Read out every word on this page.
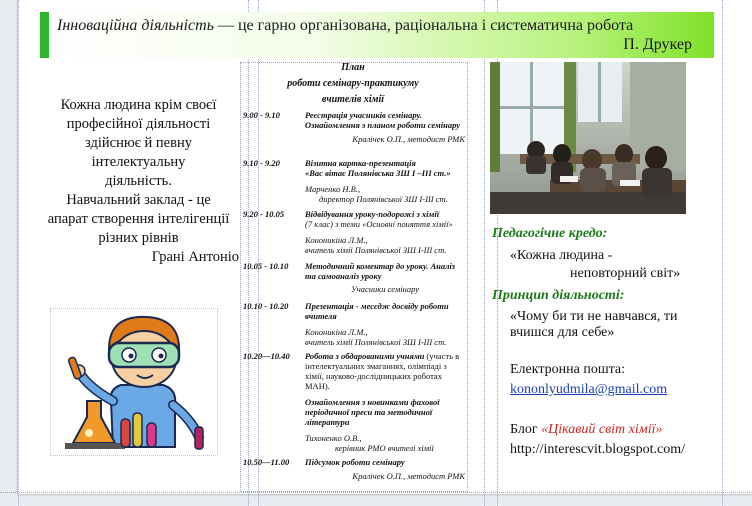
Інноваційна діяльність — це гарно організована, раціональна і систематична робота
П. Друкер
Кожна людина крім своєї
професійної діяльності
здійснює й певну
інтелектуальну
діяльність.
Навчальний заклад - це
апарат створення інтелігенції
різних рівнів
Грані Антоніо
План
роботи семінару-практикуму
вчителів хімії
9.00 - 9.10	Реєстрація учасників семінару.
Ознайомлення з планом роботи семінару
Кралічек О.П., методист РМК
9.10 - 9.20	Візитна картка-презентація
«Вас вітає Полянівська ЗШ І –ІІІ ст.»
Марченко Н.В.,
директор Полянівської ЗШ І-ІІІ ст.
9.20 - 10.05 Відвідування уроку-подорожі з хімії
(7 клас) з теми «Основні поняття хімії»
Кононикіна Л.М.,
вчитель хімії Полянівської ЗШ І-ІІІ ст.
10.05 - 10.10 Методичний коментар до уроку. Аналіз та самоаналіз уроку
Учасники семінару
10.10 - 10.20 Презентація - месєдж досвіду роботи вчителя
Кононикіна Л.М.,
вчитель хімії Полянівської ЗШ І-ІІІ ст.
10.20—10.40 Робота з обдарованими учнями (участь в інтелектуальних змаганнях, олімпіаді з хімії, науково-дослідницьких роботах МАН).
Ознайомлення з новинками фахової періодичної преси та методичної літератури
Тихоненко О.В.,
керівник РМО вчителі хімії
10.50—11.00 Підсумок роботи семінару
Кралічек О.П., методист РМК
Педагогічне кредо:
«Кожна людина -
неповторний світ»
Принцип діяльності:
«Чому би ти не навчався, ти
вчишся для себе»
Електронна пошта:
kononlyudmila@gmail.com
Блог «Цікавий світ хімії»
http://interescvit.blogspot.com/
